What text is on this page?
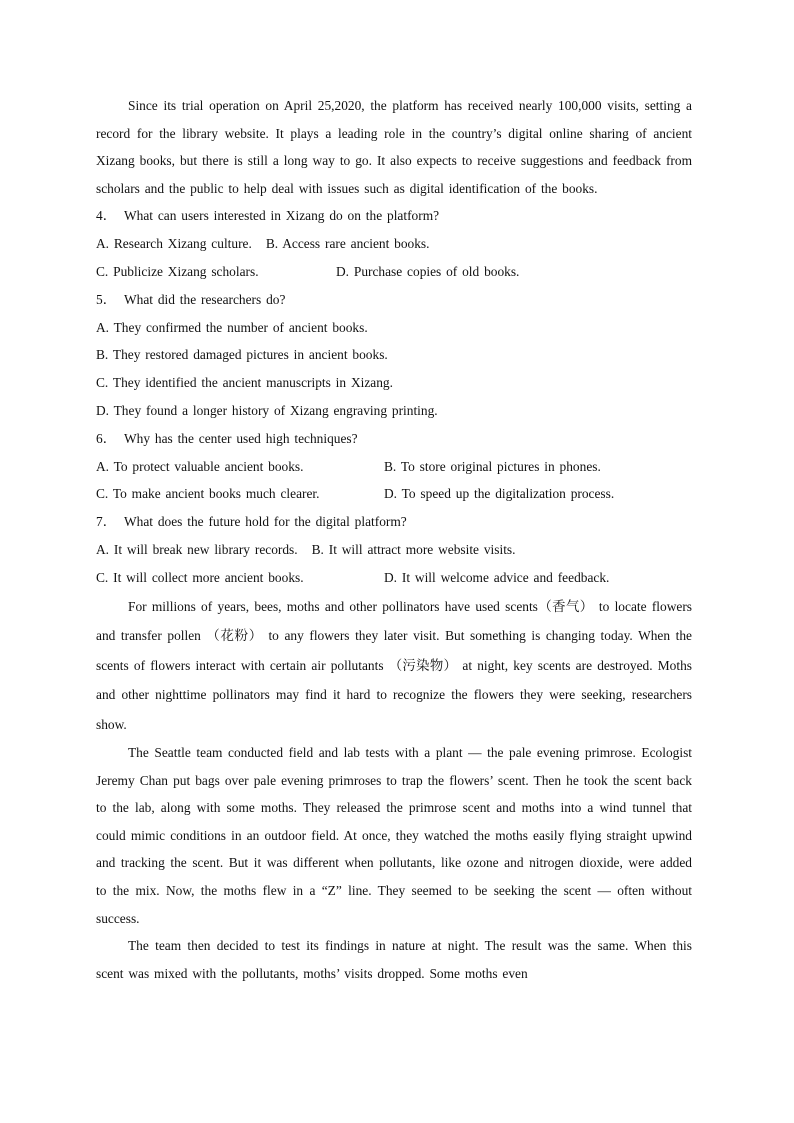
Since its trial operation on April 25,2020, the platform has received nearly 100,000 visits, setting a record for the library website. It plays a leading role in the country’s digital online sharing of ancient Xizang books, but there is still a long way to go. It also expects to receive suggestions and feedback from scholars and the public to help deal with issues such as digital identification of the books.

4． What can users interested in Xizang do on the platform?

A. Research Xizang culture. B. Access rare ancient books.

C. Publicize Xizang scholars.	D. Purchase copies of old books.

5． What did the researchers do?

A. They confirmed the number of ancient books.

B. They restored damaged pictures in ancient books.

C. They identified the ancient manuscripts in Xizang.

D. They found a longer history of Xizang engraving printing.

6． Why has the center used high techniques?

A. To protect valuable ancient books.	B. To store original pictures in phones.

C. To make ancient books much clearer.	D. To speed up the digitalization process.

7． What does the future hold for the digital platform?

A. It will break new library records. B. It will attract more website visits.

C. It will collect more ancient books.	D. It will welcome advice and feedback.

For millions of years, bees, moths and other pollinators have used scents（香气） to locate flowers and transfer pollen （花粉） to any flowers they later visit. But something is changing today. When the scents of flowers interact with certain air pollutants （污染物） at night, key scents are destroyed. Moths and other nighttime pollinators may find it hard to recognize the flowers they were seeking, researchers show.

The Seattle team conducted field and lab tests with a plant — the pale evening primrose. Ecologist Jeremy Chan put bags over pale evening primroses to trap the flowers’ scent. Then he took the scent back to the lab, along with some moths. They released the primrose scent and moths into a wind tunnel that could mimic conditions in an outdoor field. At once, they watched the moths easily flying straight upwind and tracking the scent. But it was different when pollutants, like ozone and nitrogen dioxide, were added to the mix. Now, the moths flew in a “Z” line. They seemed to be seeking the scent — often without success.

The team then decided to test its findings in nature at night. The result was the same. When this scent was mixed with the pollutants, moths’ visits dropped. Some moths even
